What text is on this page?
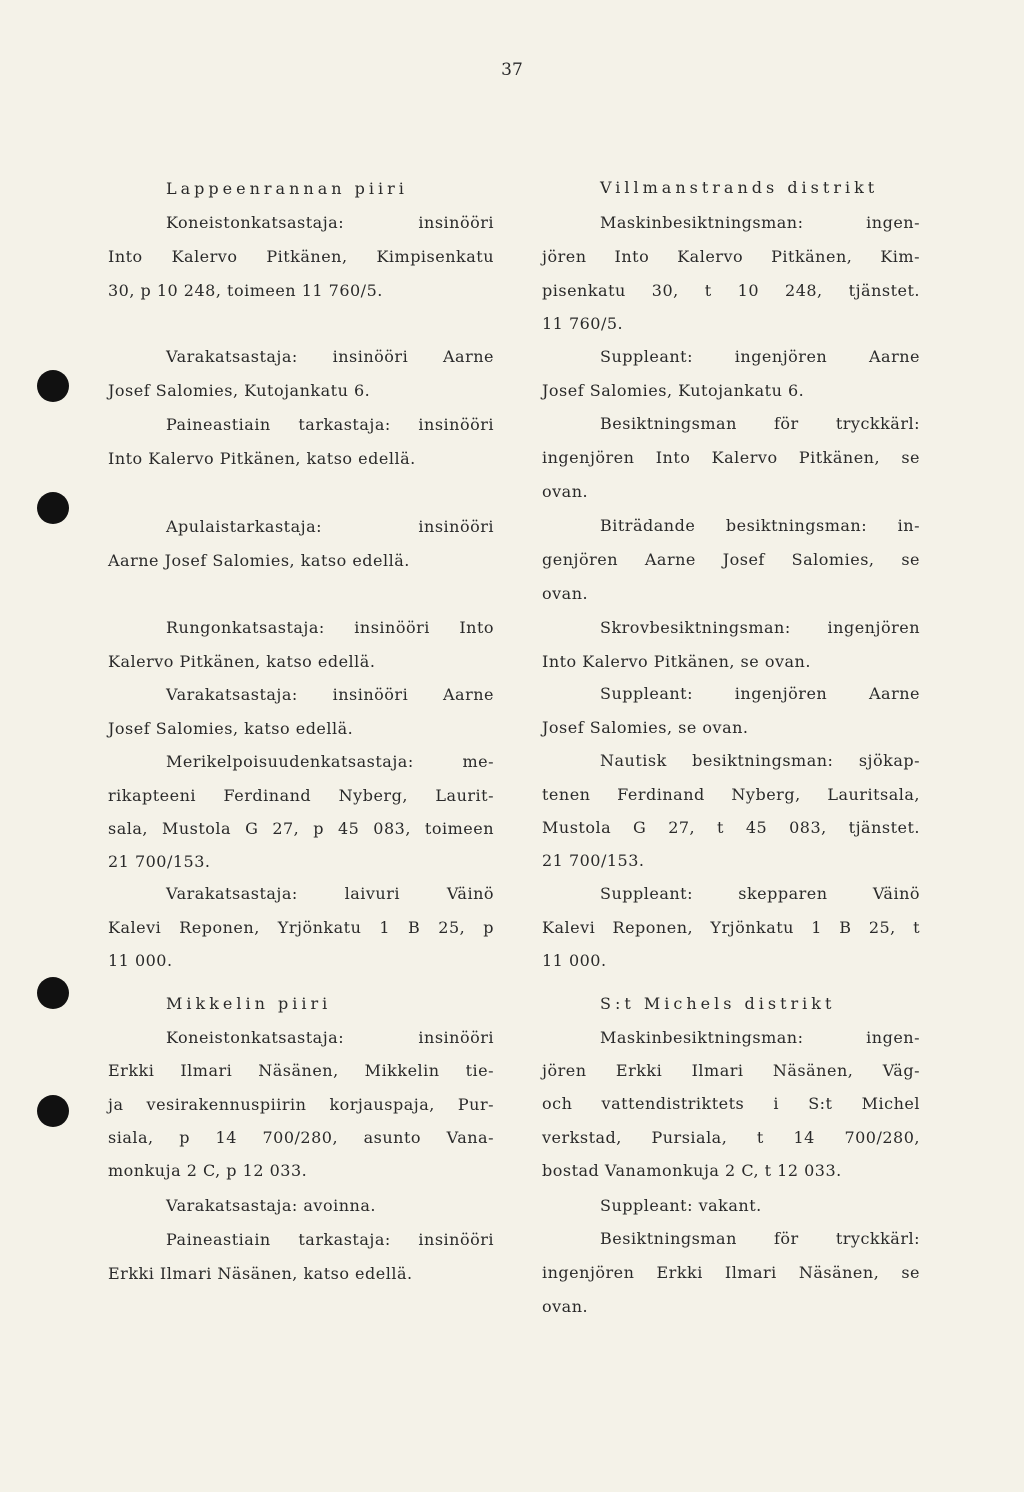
37
Lappeenrannan piiri
Koneistonkatsastaja: insinööri
Into Kalervo Pitkänen, Kimpisenkatu
30, p 10 248, toimeen 11 760/5.
Varakatsastaja: insinööri Aarne
Josef Salomies, Kutojankatu 6.
Paineastiain tarkastaja: insinööri
Into Kalervo Pitkänen, katso edellä.
Apulaistarkastaja: insinööri
Aarne Josef Salomies, katso edellä.
Rungonkatsastaja: insinööri Into
Kalervo Pitkänen, katso edellä.
Varakatsastaja: insinööri Aarne
Josef Salomies, katso edellä.
Merikelpoisuudenkatsastaja: me-
rikapteeni Ferdinand Nyberg, Laurit-
sala, Mustola G 27, p 45 083, toimeen
21 700/153.
Varakatsastaja: laivuri Väinö
Kalevi Reponen, Yrjönkatu 1 B 25, p
11 000.
Mikkelin piiri
Koneistonkatsastaja: insinööri
Erkki Ilmari Näsänen, Mikkelin tie-
ja vesirakennuspiirin korjauspaja, Pur-
siala, p 14 700/280, asunto Vana-
monkuja 2 C, p 12 033.
Varakatsastaja: avoinna.
Paineastiain tarkastaja: insinööri
Erkki Ilmari Näsänen, katso edellä.
Villmanstrands distrikt
Maskinbesiktningsman: ingen-
jören Into Kalervo Pitkänen, Kim-
pisenkatu 30, t 10 248, tjänstet.
11 760/5.
Suppleant: ingenjören Aarne
Josef Salomies, Kutojankatu 6.
Besiktningsman för tryckkärl:
ingenjören Into Kalervo Pitkänen, se
ovan.
Biträdande besiktningsman: in-
genjören Aarne Josef Salomies, se
ovan.
Skrovbesiktningsman: ingenjören
Into Kalervo Pitkänen, se ovan.
Suppleant: ingenjören Aarne
Josef Salomies, se ovan.
Nautisk besiktningsman: sjökap-
tenen Ferdinand Nyberg, Lauritsala,
Mustola G 27, t 45 083, tjänstet.
21 700/153.
Suppleant: skepparen Väinö
Kalevi Reponen, Yrjönkatu 1 B 25, t
11 000.
S:t Michels distrikt
Maskinbesiktningsman: ingen-
jören Erkki Ilmari Näsänen, Väg-
och vattendistriktets i S:t Michel
verkstad, Pursiala, t 14 700/280,
bostad Vanamonkuja 2 C, t 12 033.
Suppleant: vakant.
Besiktningsman för tryckkärl:
ingenjören Erkki Ilmari Näsänen, se
ovan.
